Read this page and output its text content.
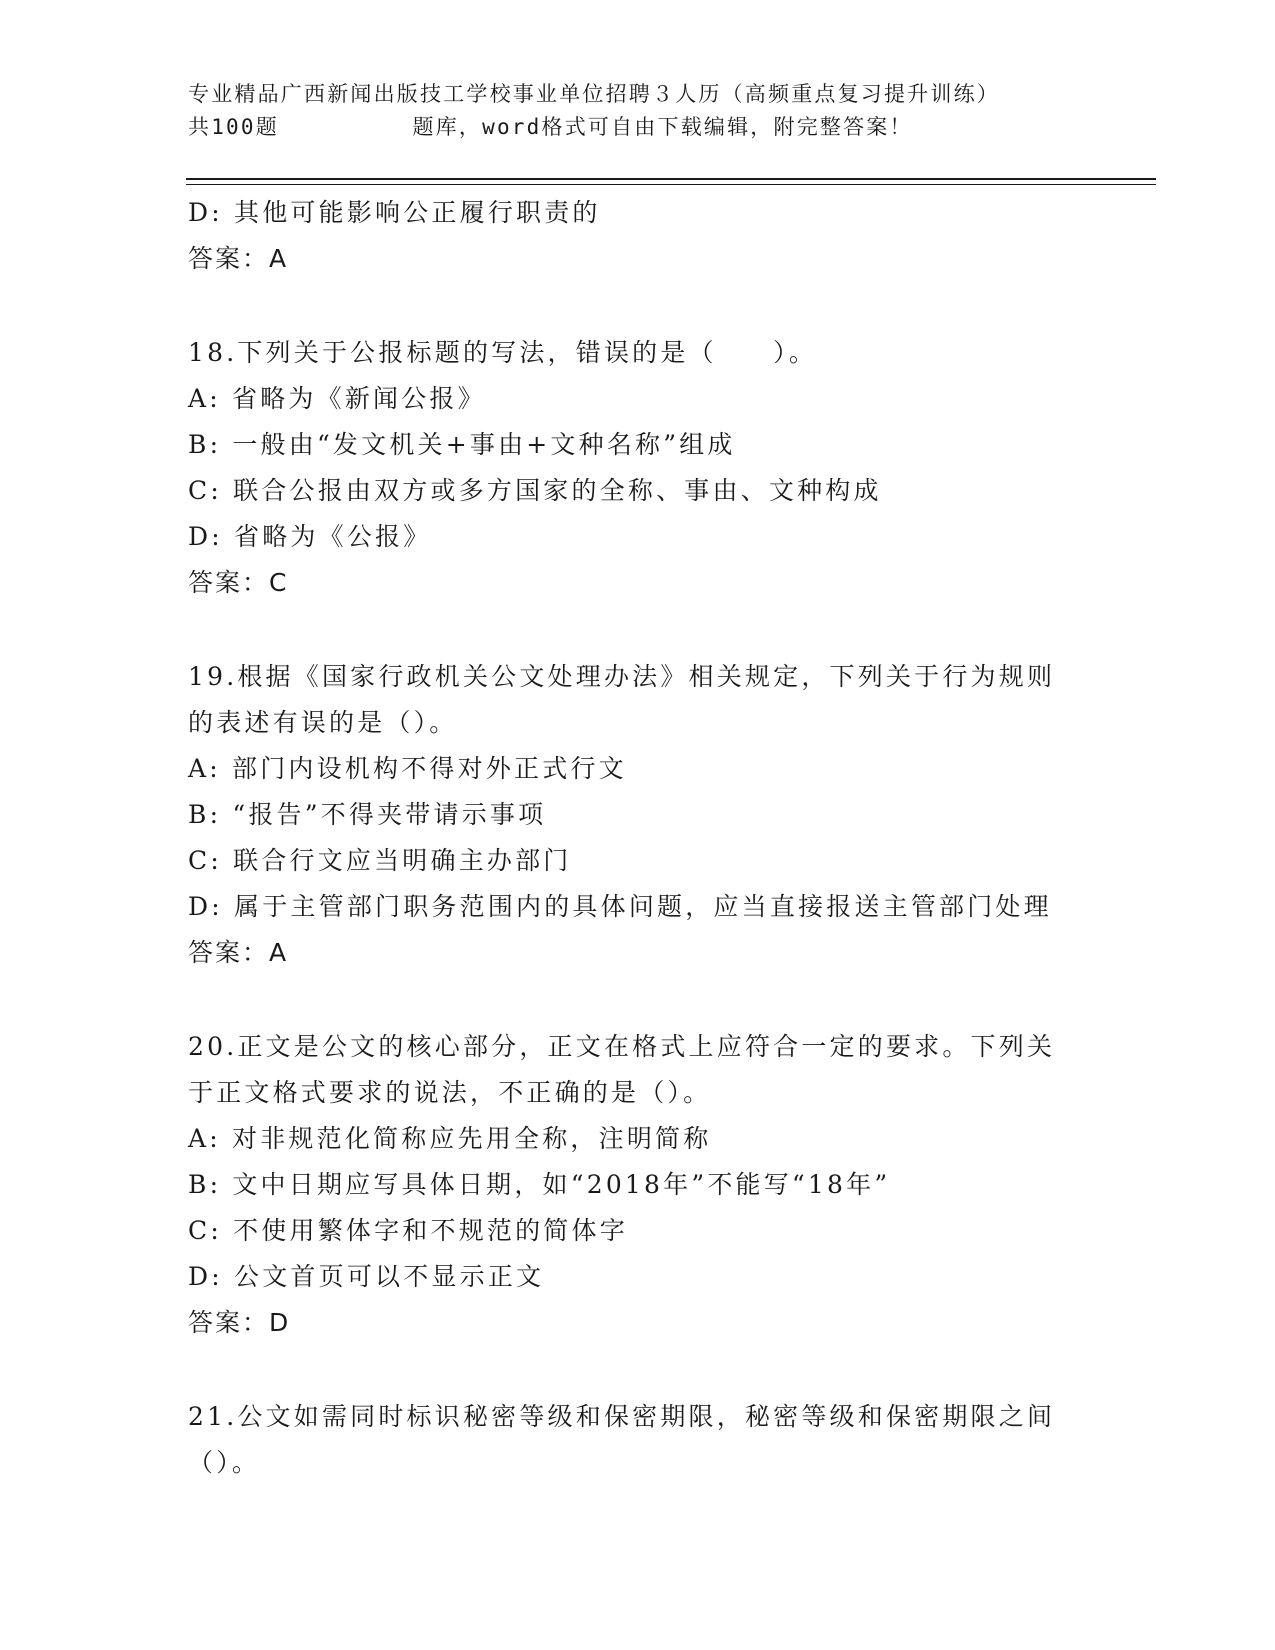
专业精品广西新闻出版技工学校事业单位招聘３人历（高频重点复习提升训练）
共100题         题库，word格式可自由下载编辑，附完整答案！
D: 其他可能影响公正履行职责的
答案：A
18.下列关于公报标题的写法，错误的是（　　）。
A: 省略为《新闻公报》
B: 一般由“发文机关+事由+文种名称”组成
C: 联合公报由双方或多方国家的全称、事由、文种构成
D: 省略为《公报》
答案：C
19.根据《国家行政机关公文处理办法》相关规定，下列关于行为规则
的表述有误的是（）。
A: 部门内设机构不得对外正式行文
B: “报告”不得夹带请示事项
C: 联合行文应当明确主办部门
D: 属于主管部门职务范围内的具体问题，应当直接报送主管部门处理
答案：A
20.正文是公文的核心部分，正文在格式上应符合一定的要求。下列关
于正文格式要求的说法，不正确的是（）。
A: 对非规范化简称应先用全称，注明简称
B: 文中日期应写具体日期，如“2018年”不能写“18年”
C: 不使用繁体字和不规范的简体字
D: 公文首页可以不显示正文
答案：D
21.公文如需同时标识秘密等级和保密期限，秘密等级和保密期限之间
（）。
